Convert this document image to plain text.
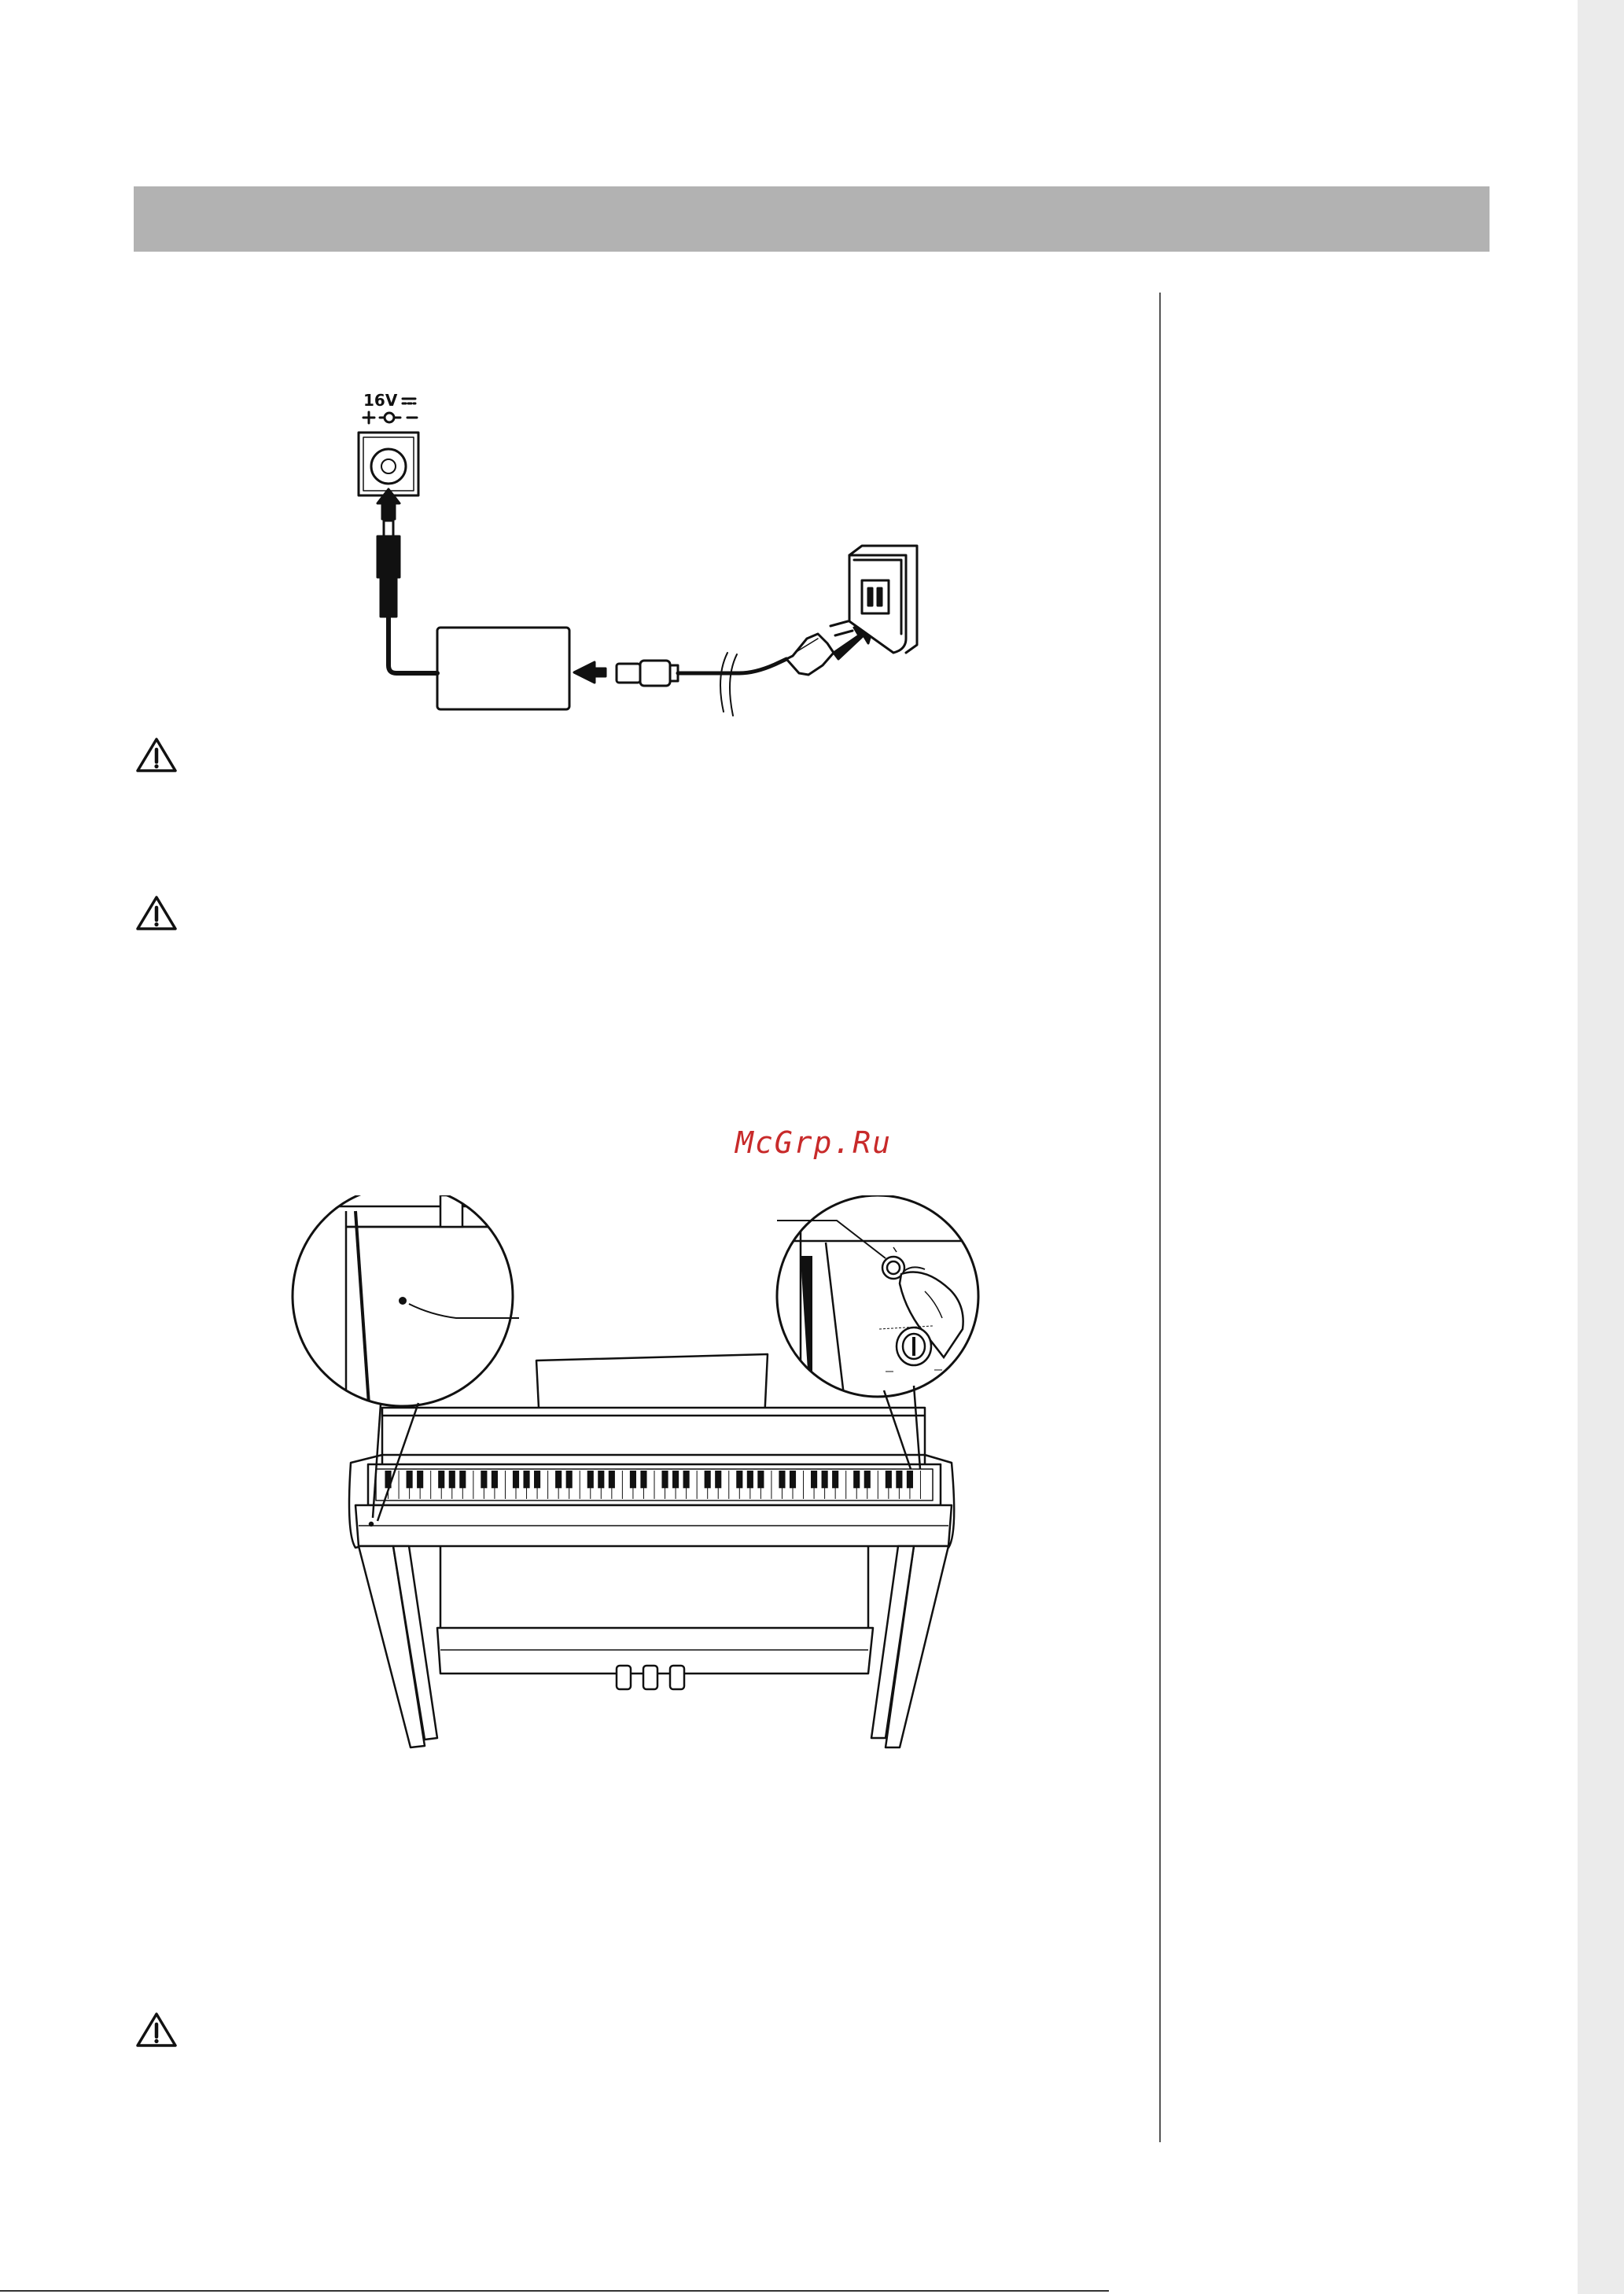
16V

McGrp.Ru
